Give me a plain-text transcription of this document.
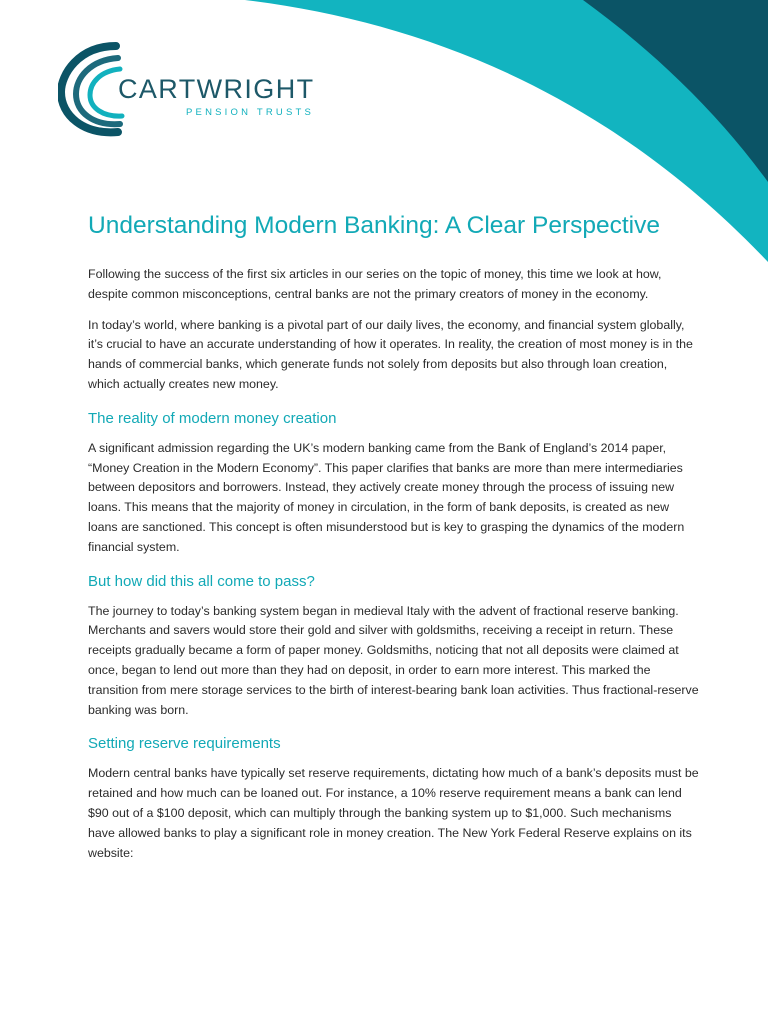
CARTWRIGHT
PENSION TRUSTS
Understanding Modern Banking: A Clear Perspective

Following the success of the first six articles in our series on the topic of money, this time we look at how, despite common misconceptions, central banks are not the primary creators of money in the economy.

In today’s world, where banking is a pivotal part of our daily lives, the economy, and financial system globally, it’s crucial to have an accurate understanding of how it operates. In reality, the creation of most money is in the hands of commercial banks, which generate funds not solely from deposits but also through loan creation, which actually creates new money.

The reality of modern money creation

A significant admission regarding the UK’s modern banking came from the Bank of England’s 2014 paper, “Money Creation in the Modern Economy”. This paper clarifies that banks are more than mere intermediaries between depositors and borrowers. Instead, they actively create money through the process of issuing new loans. This means that the majority of money in circulation, in the form of bank deposits, is created as new loans are sanctioned. This concept is often misunderstood but is key to grasping the dynamics of the modern financial system.

But how did this all come to pass?

The journey to today’s banking system began in medieval Italy with the advent of fractional reserve banking. Merchants and savers would store their gold and silver with goldsmiths, receiving a receipt in return. These receipts gradually became a form of paper money. Goldsmiths, noticing that not all deposits were claimed at once, began to lend out more than they had on deposit, in order to earn more interest. This marked the transition from mere storage services to the birth of interest-bearing bank loan activities. Thus fractional-reserve banking was born.

Setting reserve requirements

Modern central banks have typically set reserve requirements, dictating how much of a bank’s deposits must be retained and how much can be loaned out. For instance, a 10% reserve requirement means a bank can lend $90 out of a $100 deposit, which can multiply through the banking system up to $1,000. Such mechanisms have allowed banks to play a significant role in money creation. The New York Federal Reserve explains on its website:
